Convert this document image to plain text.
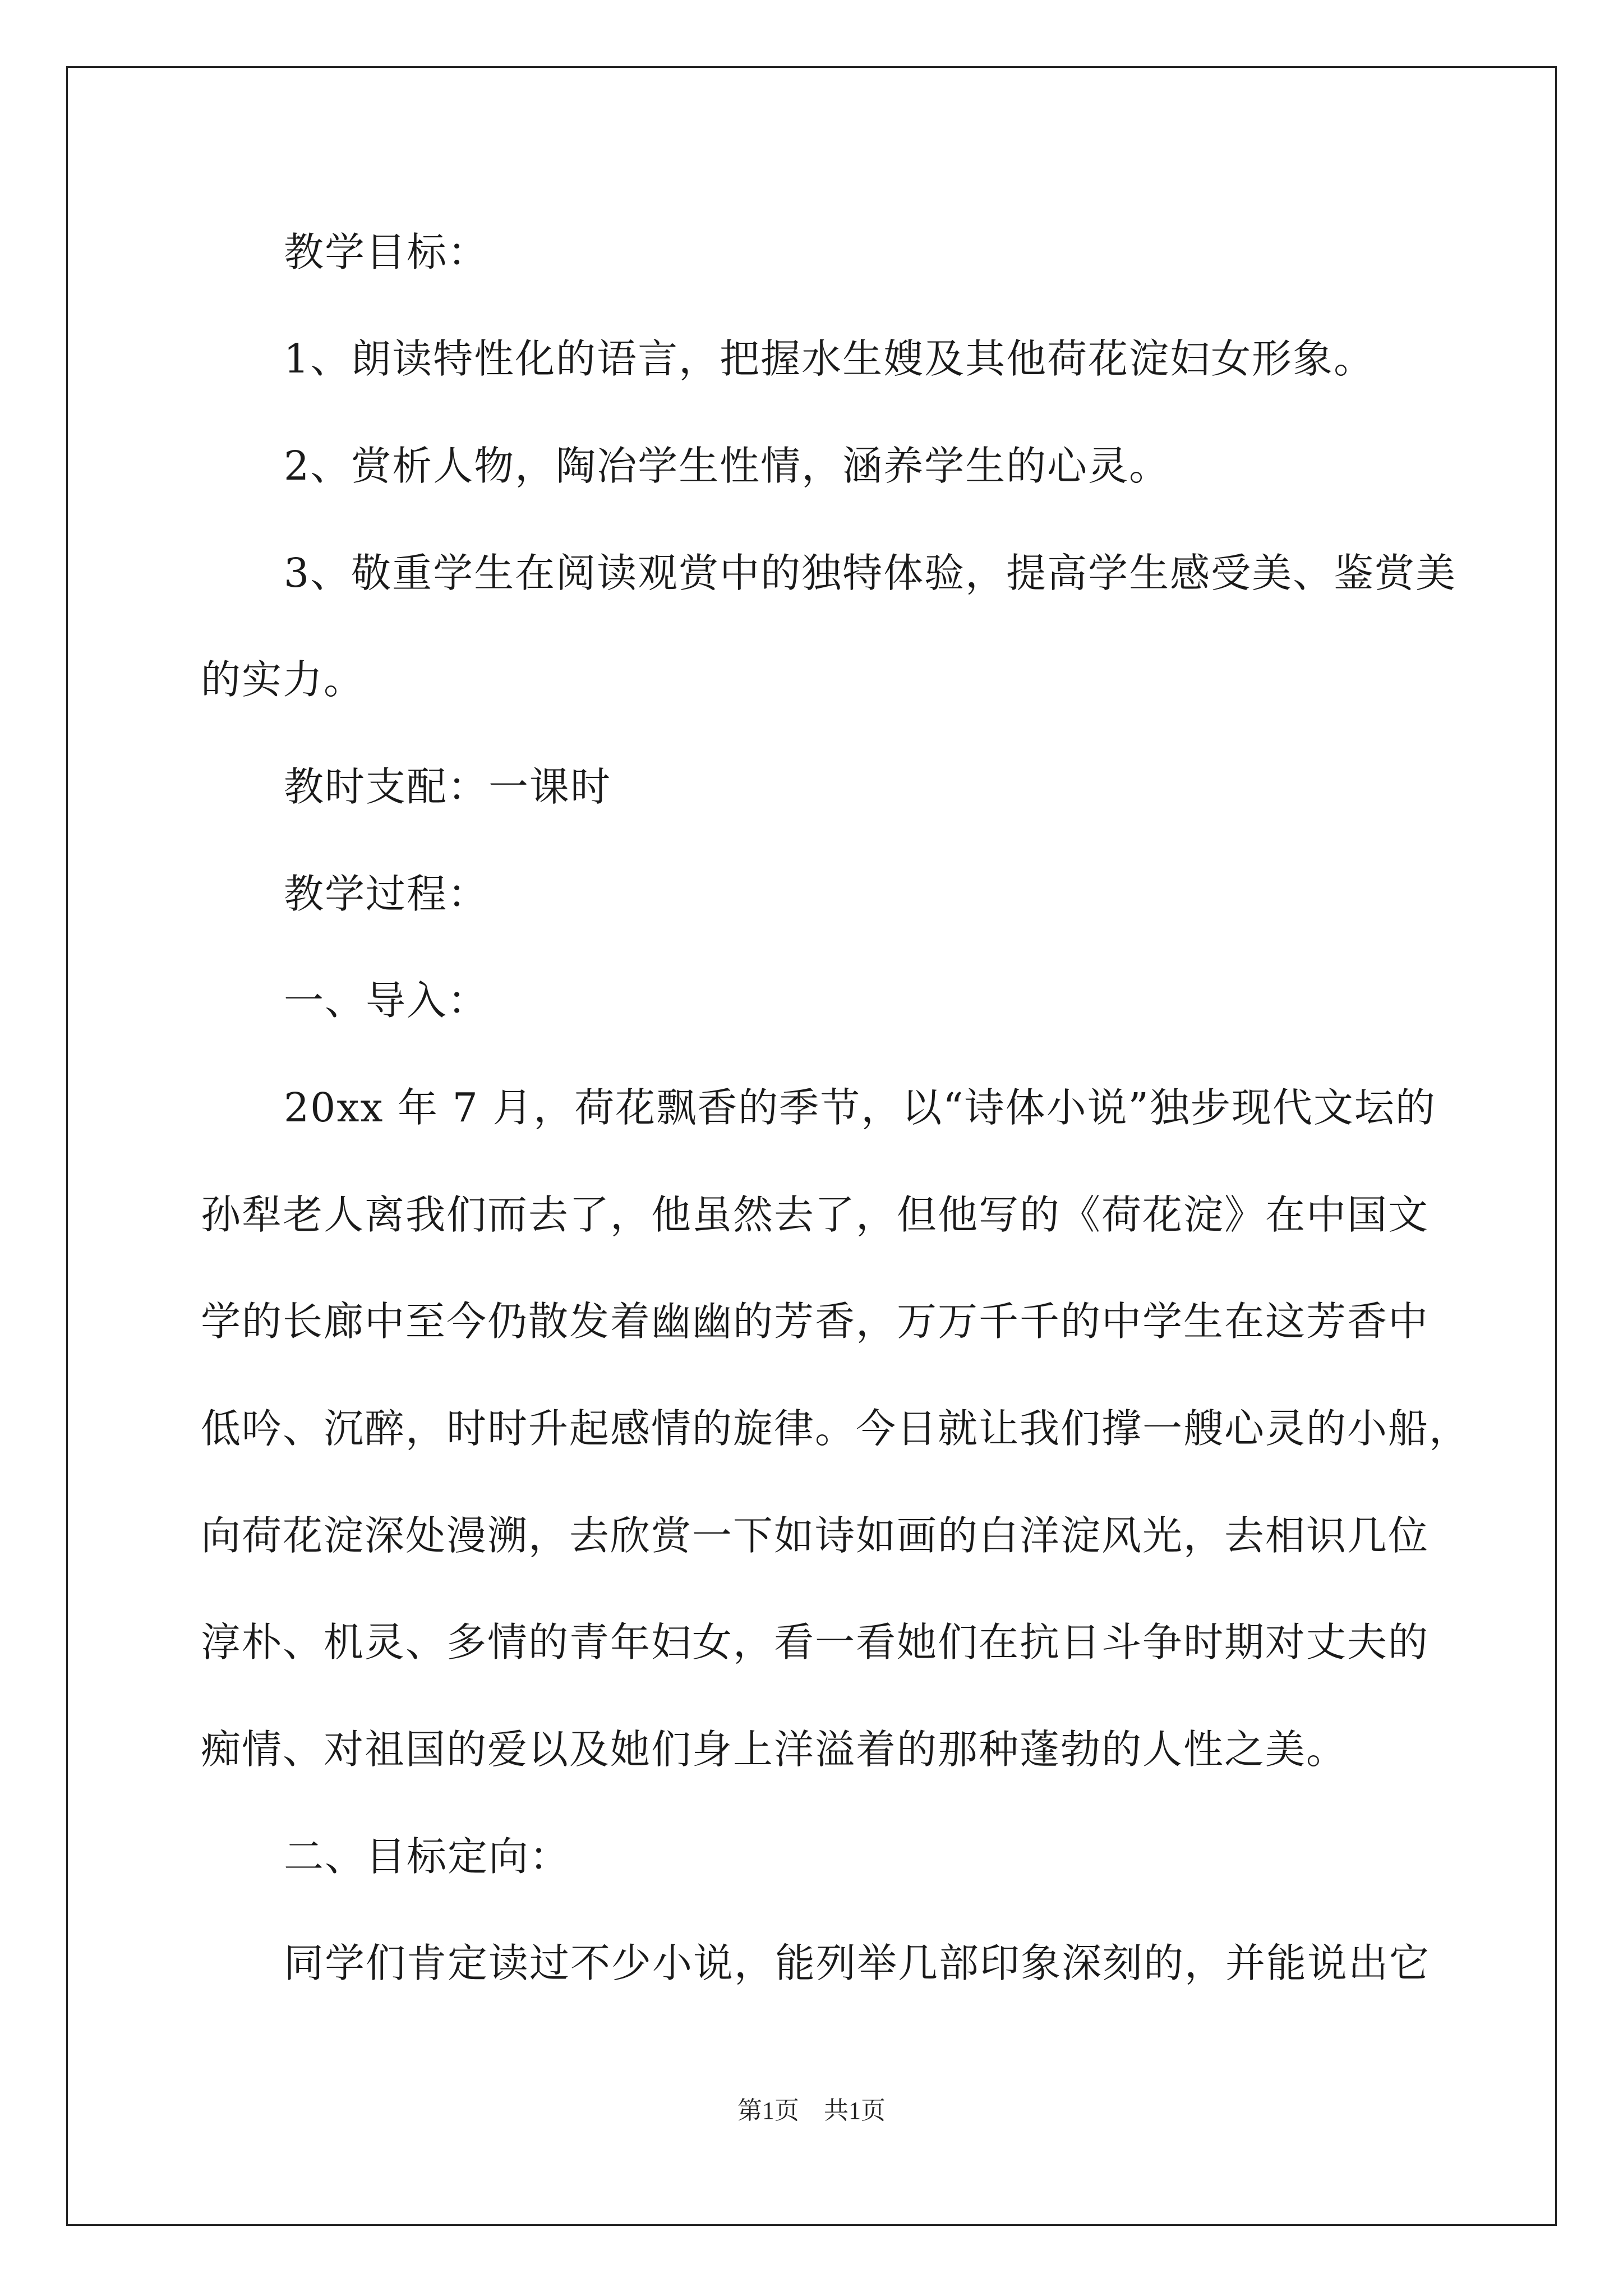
教学目标：
1、朗读特性化的语言，把握水生嫂及其他荷花淀妇女形象。
2、赏析人物，陶冶学生性情，涵养学生的心灵。
3、敬重学生在阅读观赏中的独特体验，提高学生感受美、鉴赏美
的实力。
教时支配：一课时
教学过程：
一、导入：
20xx 年 7 月，荷花飘香的季节，以“诗体小说”独步现代文坛的
孙犁老人离我们而去了，他虽然去了，但他写的《荷花淀》在中国文
学的长廊中至今仍散发着幽幽的芳香，万万千千的中学生在这芳香中
低吟、沉醉，时时升起感情的旋律。今日就让我们撑一艘心灵的小船，
向荷花淀深处漫溯，去欣赏一下如诗如画的白洋淀风光，去相识几位
淳朴、机灵、多情的青年妇女，看一看她们在抗日斗争时期对丈夫的
痴情、对祖国的爱以及她们身上洋溢着的那种蓬勃的人性之美。
二、目标定向：
同学们肯定读过不少小说，能列举几部印象深刻的，并能说出它
第1页　共1页
